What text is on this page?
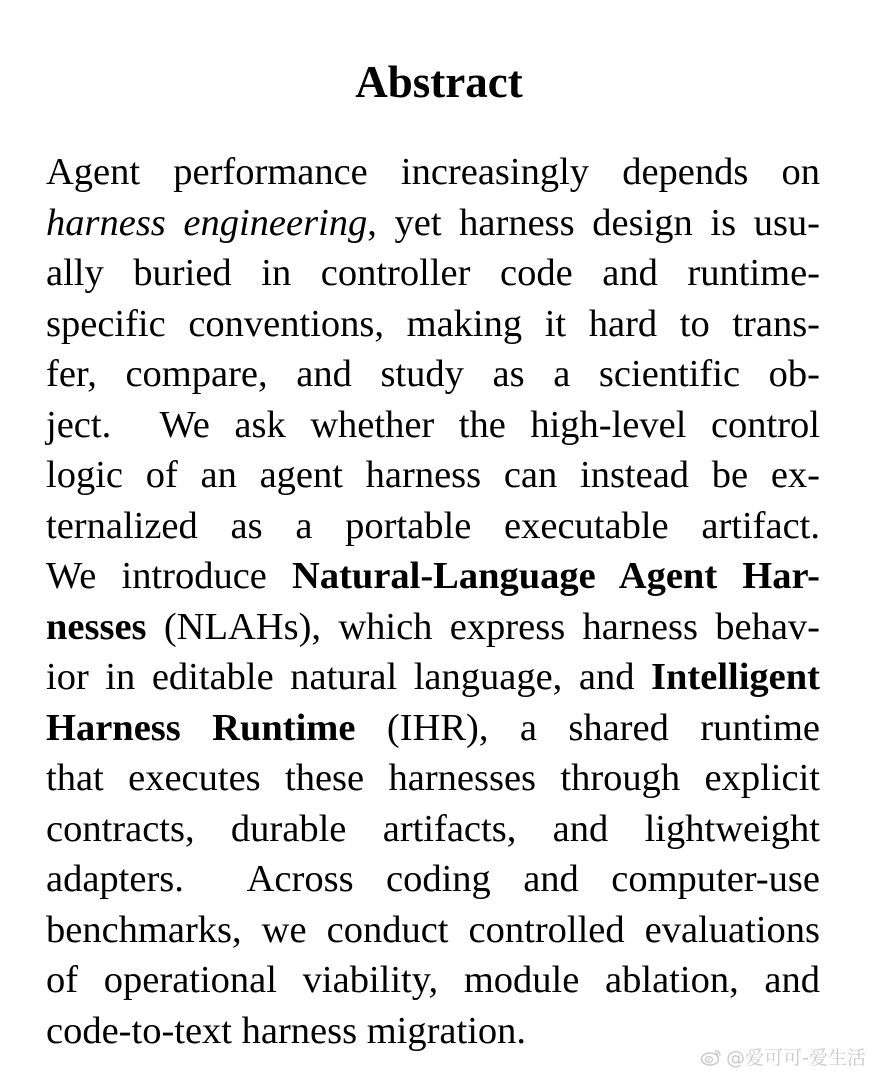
Abstract
Agent performance increasingly depends on
harness engineering, yet harness design is usu-
ally buried in controller code and runtime-
specific conventions, making it hard to trans-
fer, compare, and study as a scientific ob-
ject.  We ask whether the high-level control
logic of an agent harness can instead be ex-
ternalized as a portable executable artifact.
We introduce Natural-Language Agent Har-
nesses (NLAHs), which express harness behav-
ior in editable natural language, and Intelligent
Harness Runtime (IHR), a shared runtime
that executes these harnesses through explicit
contracts, durable artifacts, and lightweight
adapters.  Across coding and computer-use
benchmarks, we conduct controlled evaluations
of operational viability, module ablation, and
code-to-text harness migration.
@爱可可-爱生活
